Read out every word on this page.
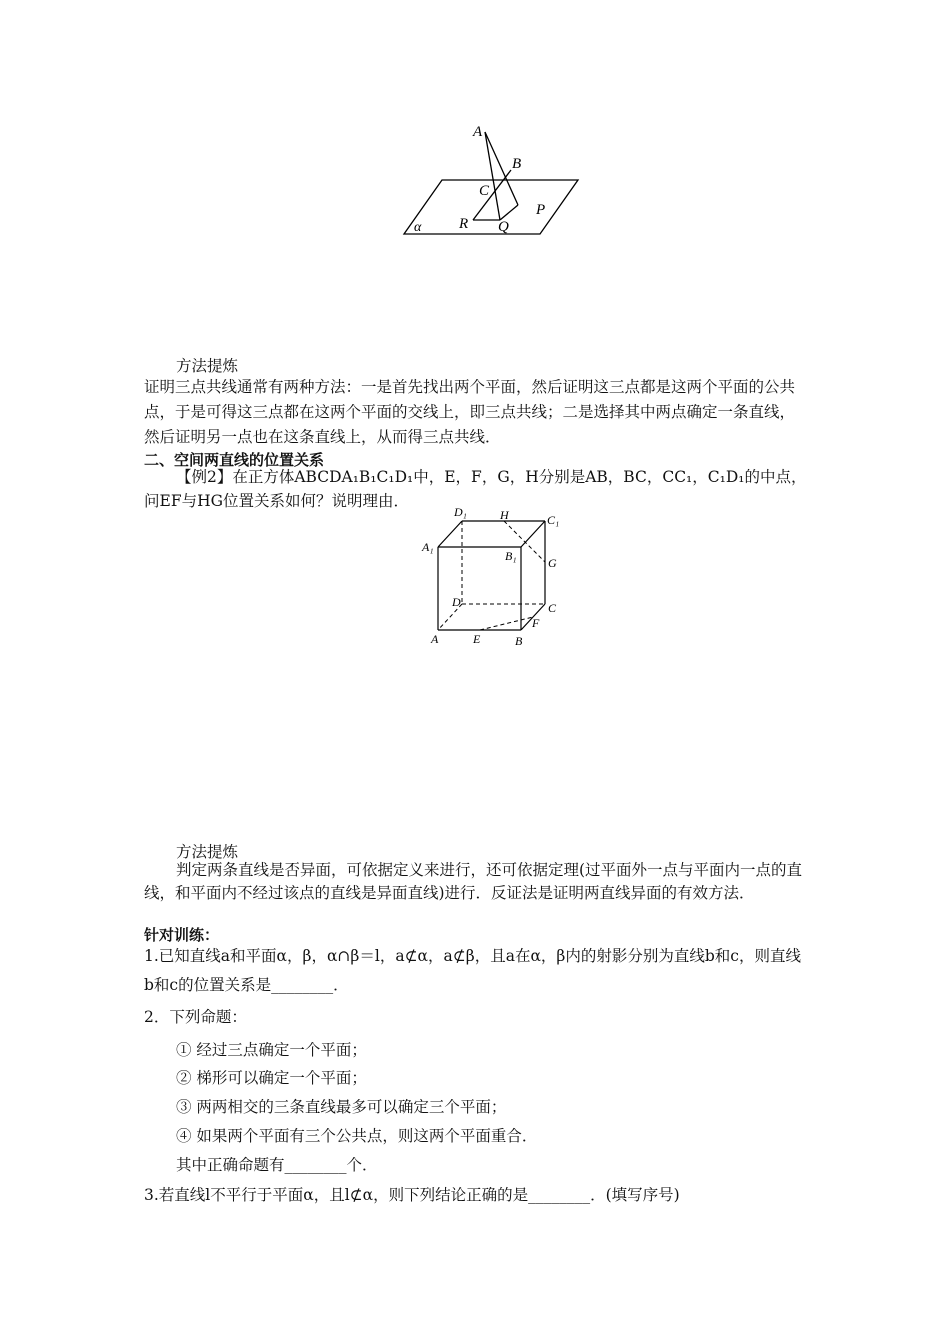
A
B
C
P
Q
R
α
方法提炼
证明三点共线通常有两种方法：一是首先找出两个平面，然后证明这三点都是这两个平面的公共点，于是可得这三点都在这两个平面的交线上，即三点共线；二是选择其中两点确定一条直线，然后证明另一点也在这条直线上，从而得三点共线．
二、空间两直线的位置关系
【例2】在正方体ABCDA₁B₁C₁D₁中，E，F，G，H分别是AB，BC，CC₁，C₁D₁的中点，问EF与HG位置关系如何？说明理由．
D₁	H	C₁
A₁
B₁	G
D	C
F
A	E	B
方法提炼
判定两条直线是否异面，可依据定义来进行，还可依据定理(过平面外一点与平面内一点的直线，和平面内不经过该点的直线是异面直线)进行．反证法是证明两直线异面的有效方法．
针对训练：
1.已知直线a和平面α，β，α∩β＝l，a⊄α，a⊄β，且a在α，β内的射影分别为直线b和c，则直线b和c的位置关系是________．
2．下列命题：
① 经过三点确定一个平面；
② 梯形可以确定一个平面；
③ 两两相交的三条直线最多可以确定三个平面；
④ 如果两个平面有三个公共点，则这两个平面重合．
其中正确命题有________个．
3.若直线l不平行于平面α，且l⊄α，则下列结论正确的是________．(填写序号)
